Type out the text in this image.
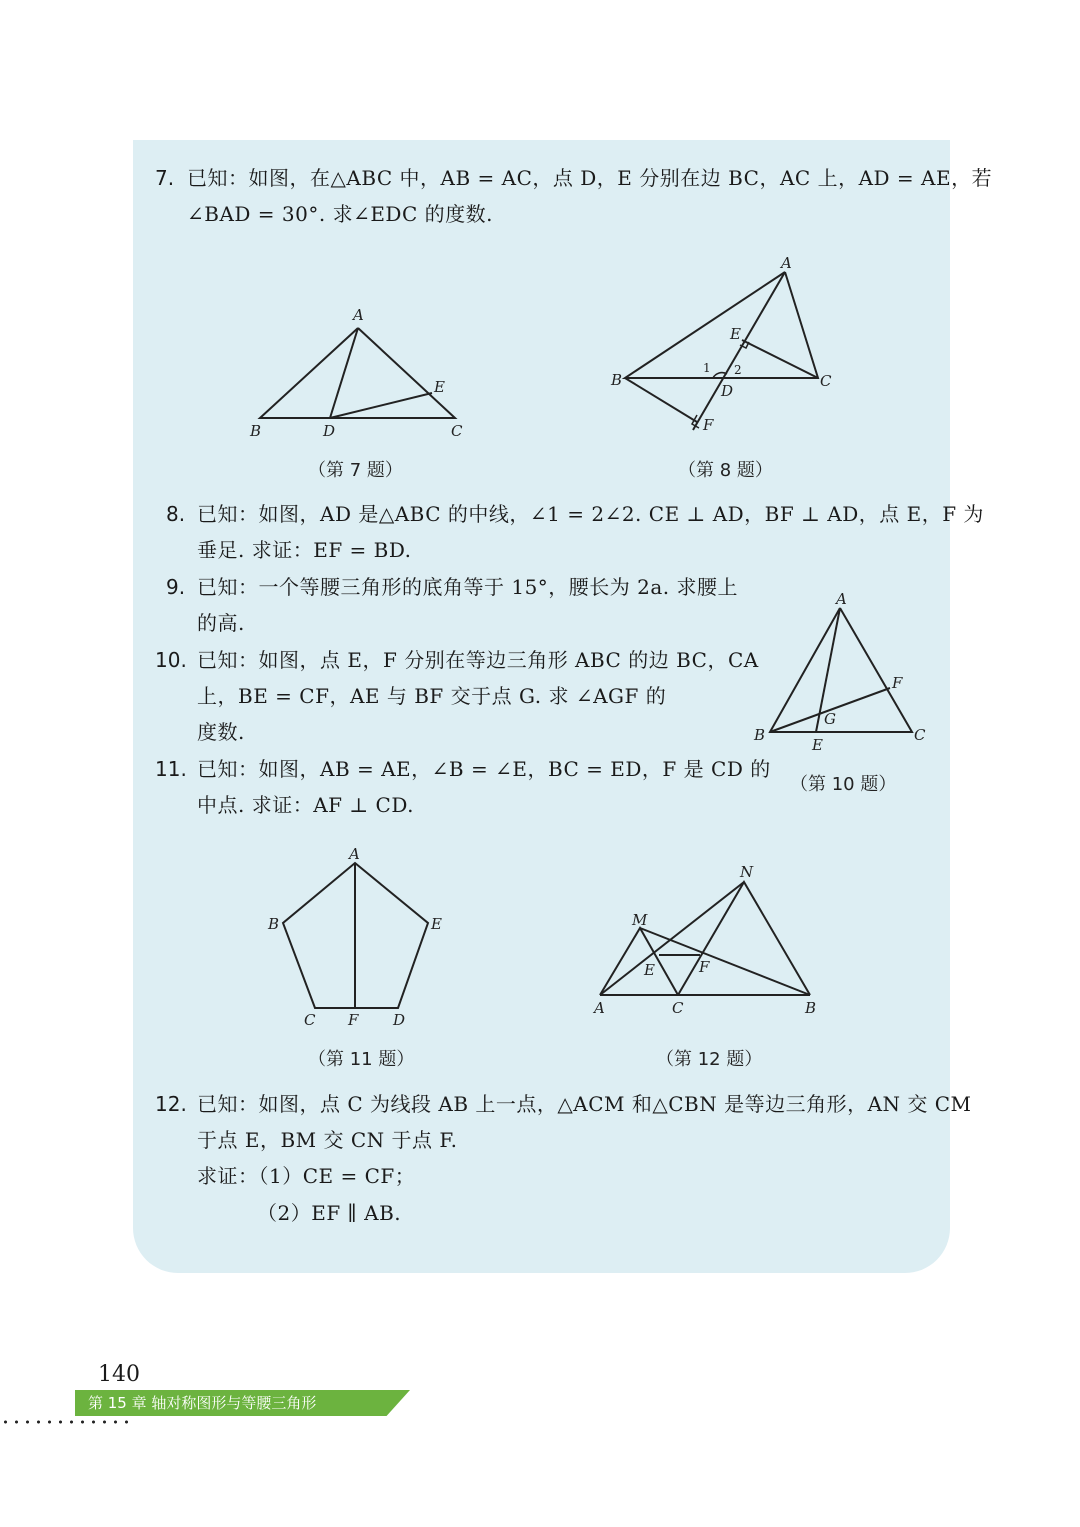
7. 已知：如图，在△ABC 中，AB = AC，点 D，E 分别在边 BC，AC 上，AD = AE，若
∠BAD = 30°. 求∠EDC 的度数.
A
B	D	C
E
（第 7 题）
A
E
B
1 2
D
C
F
（第 8 题）
8. 已知：如图，AD 是△ABC 的中线，∠1 = 2∠2. CE ⊥ AD，BF ⊥ AD，点 E，F 为
垂足. 求证：EF = BD.
9. 已知：一个等腰三角形的底角等于 15°，腰长为 2a. 求腰上
的高.
10. 已知：如图，点 E，F 分别在等边三角形 ABC 的边 BC，CA
上，BE = CF，AE 与 BF 交于点 G. 求 ∠AGF 的
度数.
A
F
G
B
E
C
（第 10 题）
11. 已知：如图，AB = AE，∠B = ∠E，BC = ED，F 是 CD 的
中点. 求证：AF ⊥ CD.
A
B	E
C F D
（第 11 题）
N
M
E	F
A	C	B
（第 12 题）
12. 已知：如图，点 C 为线段 AB 上一点，△ACM 和△CBN 是等边三角形，AN 交 CM
于点 E，BM 交 CN 于点 F.
求证：（1）CE = CF；
（2）EF ∥ AB.
140
第 15 章 轴对称图形与等腰三角形
